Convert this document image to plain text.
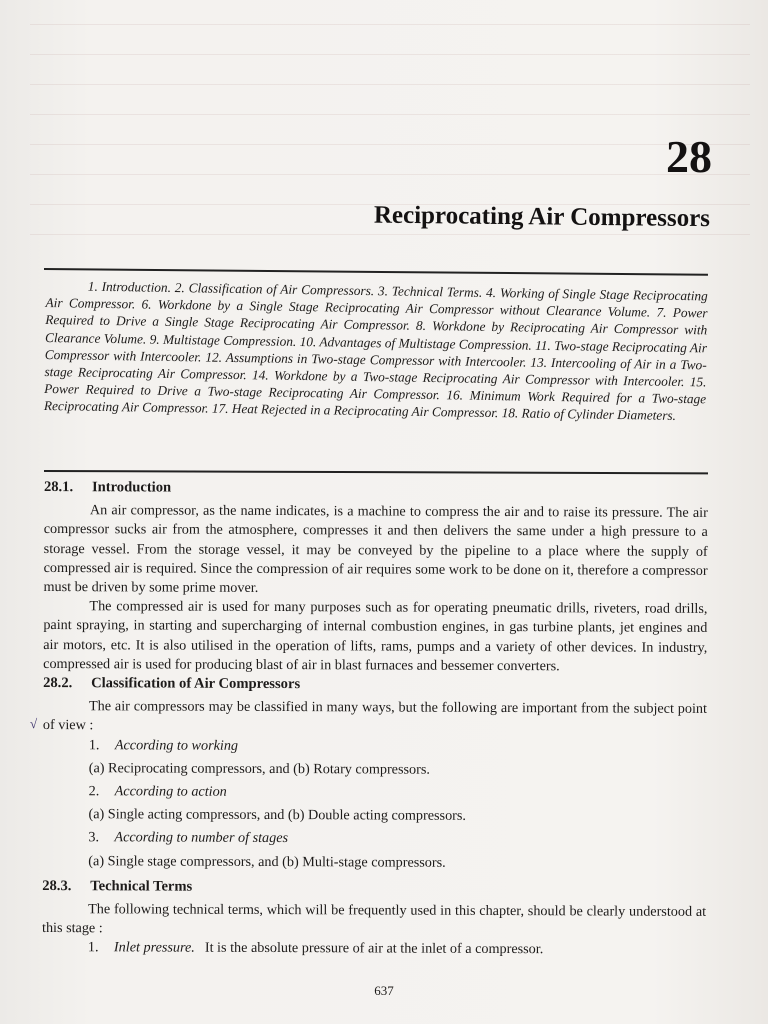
28
Reciprocating Air Compressors
1. Introduction. 2. Classification of Air Compressors. 3. Technical Terms. 4. Working of Single Stage Reciprocating Air Compressor. 6. Workdone by a Single Stage Reciprocating Air Compressor without Clearance Volume. 7. Power Required to Drive a Single Stage Reciprocating Air Compressor. 8. Workdone by Reciprocating Air Compressor with Clearance Volume. 9. Multistage Compression. 10. Advantages of Multistage Compression. 11. Two-stage Reciprocating Air Compressor with Intercooler. 12. Assumptions in Two-stage Compressor with Intercooler. 13. Intercooling of Air in a Two-stage Reciprocating Air Compressor. 14. Workdone by a Two-stage Reciprocating Air Compressor with Intercooler. 15. Power Required to Drive a Two-stage Reciprocating Air Compressor. 16. Minimum Work Required for a Two-stage Reciprocating Air Compressor. 17. Heat Rejected in a Reciprocating Air Compressor. 18. Ratio of Cylinder Diameters.
√
28.1. Introduction

An air compressor, as the name indicates, is a machine to compress the air and to raise its pressure. The air compressor sucks air from the atmosphere, compresses it and then delivers the same under a high pressure to a storage vessel. From the storage vessel, it may be conveyed by the pipeline to a place where the supply of compressed air is required. Since the compression of air requires some work to be done on it, therefore a compressor must be driven by some prime mover.

The compressed air is used for many purposes such as for operating pneumatic drills, riveters, road drills, paint spraying, in starting and supercharging of internal combustion engines, in gas turbine plants, jet engines and air motors, etc. It is also utilised in the operation of lifts, rams, pumps and a variety of other devices. In industry, compressed air is used for producing blast of air in blast furnaces and bessemer converters.

28.2. Classification of Air Compressors

The air compressors may be classified in many ways, but the following are important from the subject point of view :

1. According to working
(a) Reciprocating compressors, and (b) Rotary compressors.
2. According to action
(a) Single acting compressors, and (b) Double acting compressors.
3. According to number of stages
(a) Single stage compressors, and (b) Multi-stage compressors.
28.3. Technical Terms

The following technical terms, which will be frequently used in this chapter, should be clearly understood at this stage :

1. Inlet pressure. It is the absolute pressure of air at the inlet of a compressor.
637
